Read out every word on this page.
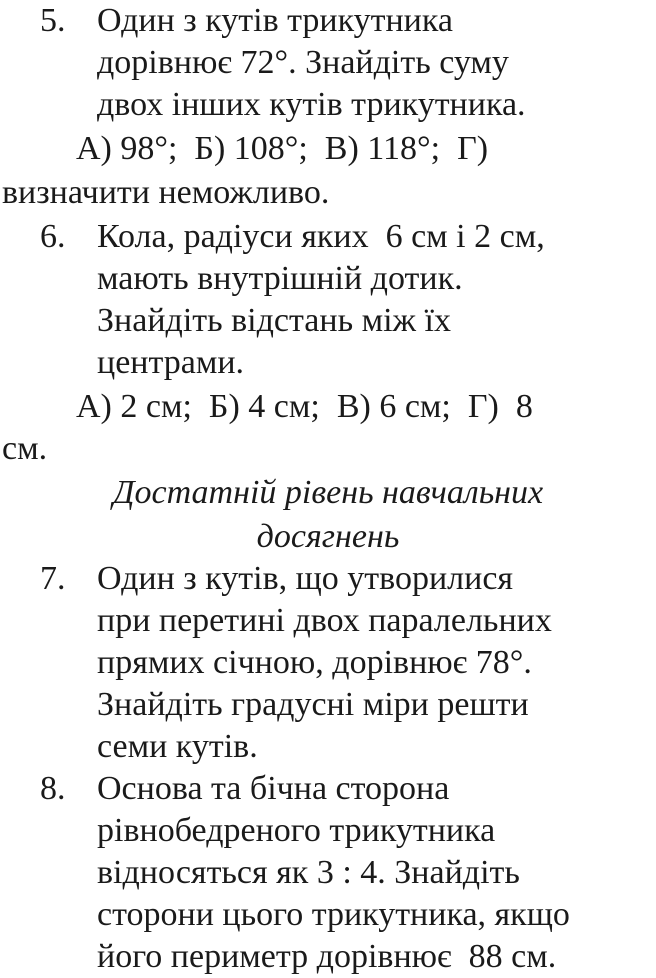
5. Один з кутів трикутника
дорівнює 72°. Знайдіть суму
двох інших кутів трикутника.
А) 98°;  Б) 108°;  В) 118°;  Г)
визначити неможливо.
6. Кола, радіуси яких  6 см і 2 см,
мають внутрішній дотик.
Знайдіть відстань між їх
центрами.
А) 2 см;  Б) 4 см;  В) 6 см;  Г)  8
см.
Достатній рівень навчальних
досягнень
7. Один з кутів, що утворилися
при перетині двох паралельних
прямих січною, дорівнює 78°.
Знайдіть градусні міри решти
семи кутів.
8. Основа та бічна сторона
рівнобедреного трикутника
відносяться як 3 : 4. Знайдіть
сторони цього трикутника, якщо
його периметр дорівнює  88 см.
